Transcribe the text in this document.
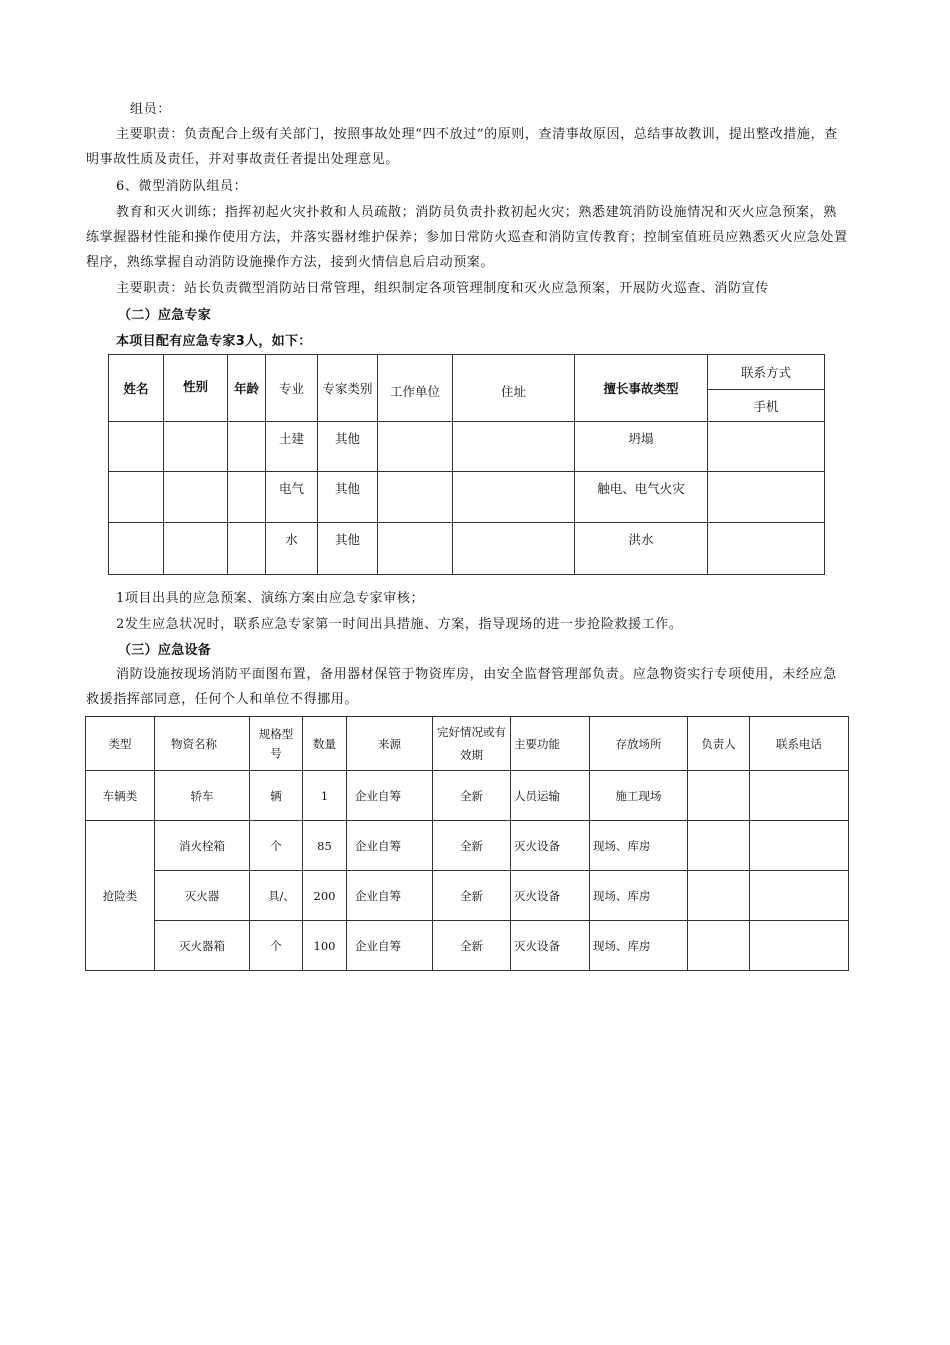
组员：

主要职责：负责配合上级有关部门，按照事故处理“四不放过”的原则，查清事故原因，总结事故教训，提出整改措施，查明事故性质及责任，并对事故责任者提出处理意见。

6、微型消防队组员：

教育和灭火训练；指挥初起火灾扑救和人员疏散；消防员负责扑救初起火灾；熟悉建筑消防设施情况和灭火应急预案，熟练掌握器材性能和操作使用方法，并落实器材维护保养；参加日常防火巡查和消防宣传教育；控制室值班员应熟悉灭火应急处置程序，熟练掌握自动消防设施操作方法，接到火情信息后启动预案。

主要职责：站长负责微型消防站日常管理，组织制定各项管理制度和灭火应急预案，开展防火巡查、消防宣传

（二）应急专家
本项目配有应急专家3人，如下：
姓名	性别	年龄	专业	专家类别	工作单位	住址	擅长事故类型	联系方式
								手机
			土建	其他			坍塌	
			电气	其他			触电、电气火灾	
			水	其他			洪水	

1项目出具的应急预案、演练方案由应急专家审核；

2发生应急状况时，联系应急专家第一时间出具措施、方案，指导现场的进一步抢险救援工作。

（三）应急设备

消防设施按现场消防平面图布置，备用器材保管于物资库房，由安全监督管理部负责。应急物资实行专项使用，未经应急救援指挥部同意，任何个人和单位不得挪用。

类型	物资名称	规格型号	数量	来源	完好情况或有效期	主要功能	存放场所	负责人	联系电话
车辆类	轿车	辆	1	企业自筹	全新	人员运输	施工现场		
抢险类	消火栓箱	个	85	企业自筹	全新	灭火设备	现场、库房		
	灭火器	具/、	200	企业自筹	全新	灭火设备	现场、库房		
	灭火器箱	个	100	企业自筹	全新	灭火设备	现场、库房		
